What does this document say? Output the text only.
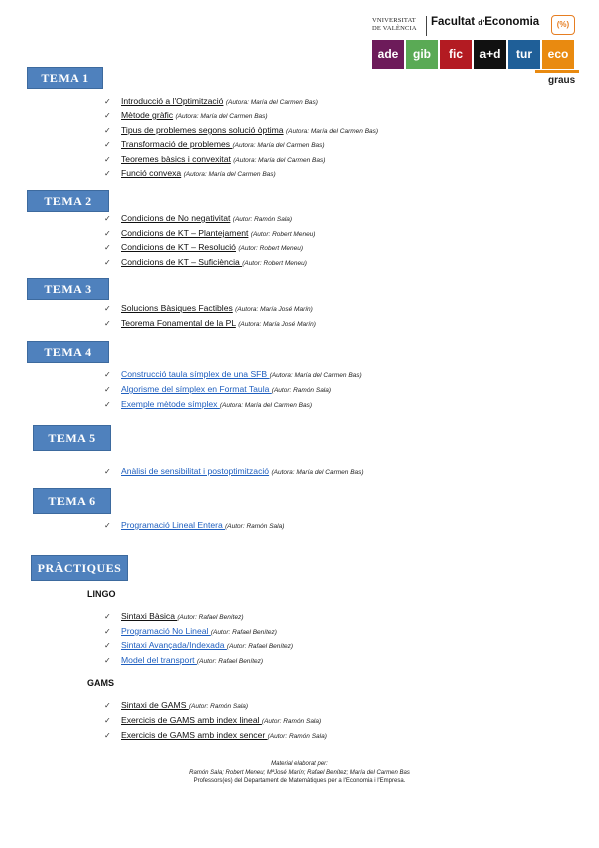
VNIVERSITAT
DE VALÈNCIA
Facultat d'Economia	(%)
ade	gib	fic	a+d	tur	eco
graus
TEMA 1
✓ Introducció a l'Optimització (Autora: María del Carmen Bas)
✓ Mètode gràfic (Autora: María del Carmen Bas)
✓ Tipus de problemes segons solució òptima (Autora: María del Carmen Bas)
✓ Transformació de problemes (Autora: María del Carmen Bas)
✓ Teoremes bàsics i convexitat (Autora: María del Carmen Bas)
✓ Funció convexa (Autora: María del Carmen Bas)
TEMA 2
✓ Condicions de No negativitat (Autor: Ramón Sala)
✓ Condicions de KT – Plantejament (Autor: Robert Meneu)
✓ Condicions de KT – Resolució (Autor: Robert Meneu)
✓ Condicions de KT – Suficiència (Autor: Robert Meneu)
TEMA 3
✓ Solucions Bàsiques Factibles (Autora: María José Marín)
✓ Teorema Fonamental de la PL (Autora: María José Marín)
TEMA 4
✓ Construcció taula símplex de una SFB (Autora: María del Carmen Bas)
✓ Algorisme del símplex en Format Taula (Autor: Ramón Sala)
✓ Exemple mètode símplex (Autora: María del Carmen Bas)
TEMA 5
✓ Anàlisi de sensibilitat i postoptimització (Autora: María del Carmen Bas)
TEMA 6
✓ Programació Lineal Entera (Autor: Ramón Sala)
PRÀCTIQUES
LINGO
✓ Sintaxi Bàsica (Autor: Rafael Benítez)
✓ Programació No Lineal (Autor: Rafael Benítez)
✓ Sintaxi Avançada/Indexada (Autor: Rafael Benítez)
✓ Model del transport (Autor: Rafael Benítez)
GAMS
✓ Sintaxi de GAMS (Autor: Ramón Sala)
✓ Exercicis de GAMS amb index lineal (Autor: Ramón Sala)
✓ Exercicis de GAMS amb index sencer (Autor: Ramón Sala)
Material elaborat per:
Ramón Sala; Robert Meneu; MªJosé Marín; Rafael Benítez; María del Carmen Bas
Professors(es) del Departament de Matemàtiques per a l'Economia i l'Empresa.
